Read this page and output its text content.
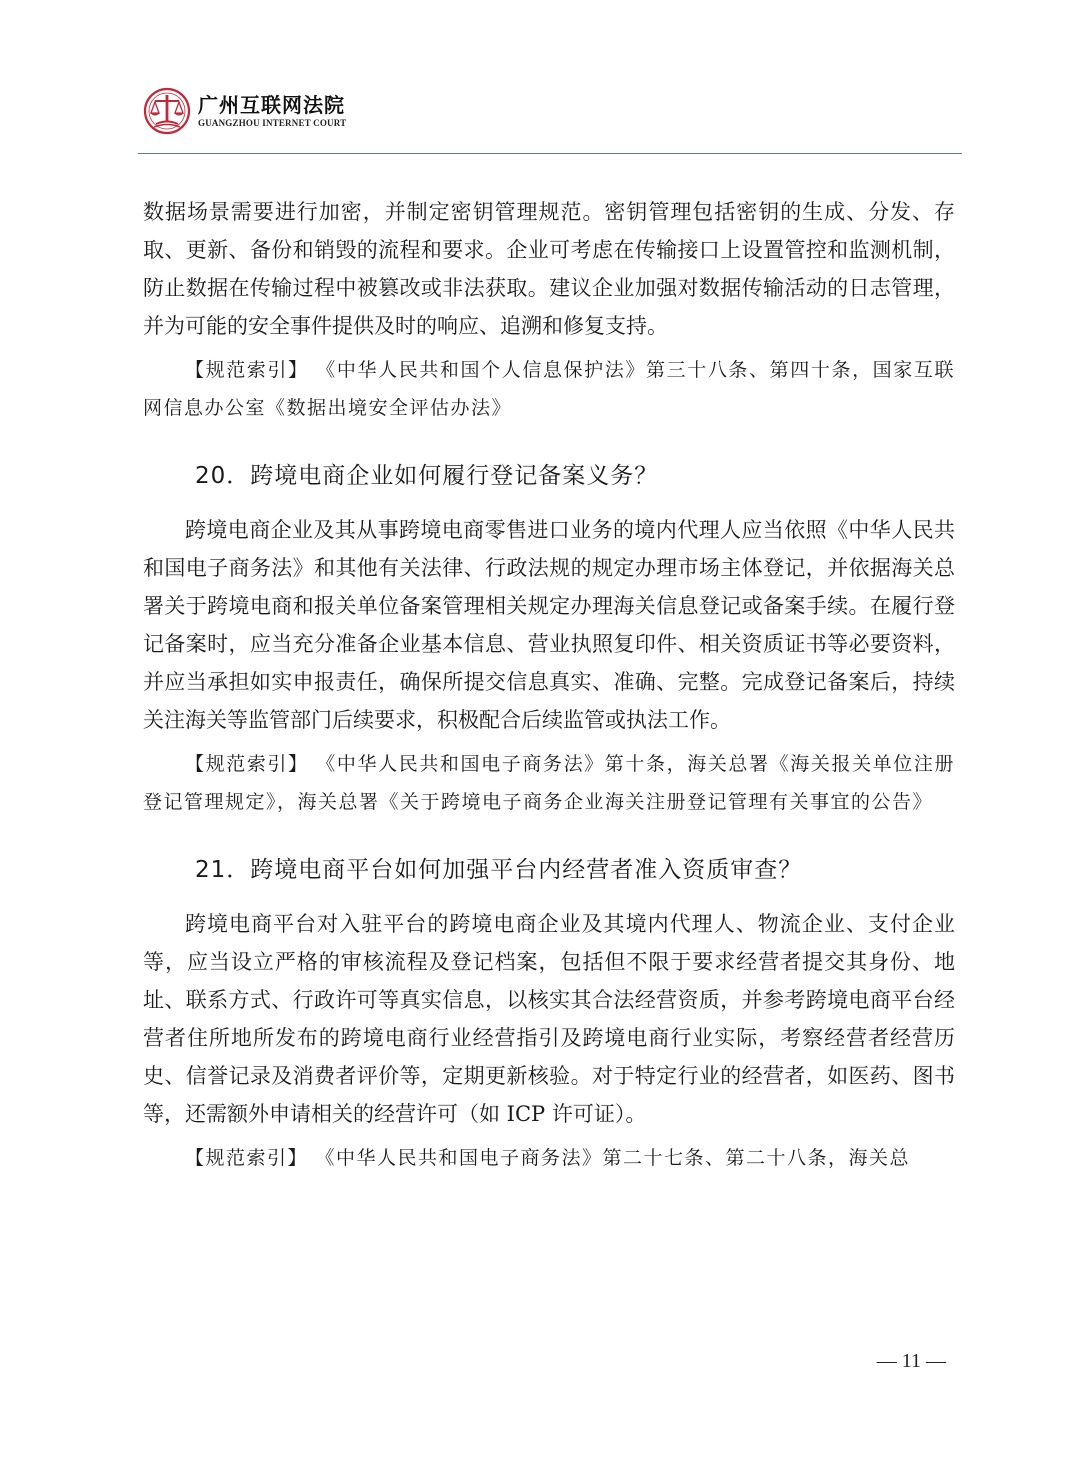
广州互联网法院
GUANGZHOU INTERNET COURT

数据场景需要进行加密，并制定密钥管理规范。密钥管理包括密钥的生成、分发、存取、更新、备份和销毁的流程和要求。企业可考虑在传输接口上设置管控和监测机制，防止数据在传输过程中被篡改或非法获取。建议企业加强对数据传输活动的日志管理，并为可能的安全事件提供及时的响应、追溯和修复支持。

【规范索引】 《中华人民共和国个人信息保护法》第三十八条、第四十条，国家互联网信息办公室《数据出境安全评估办法》

20．跨境电商企业如何履行登记备案义务？

跨境电商企业及其从事跨境电商零售进口业务的境内代理人应当依照《中华人民共和国电子商务法》和其他有关法律、行政法规的规定办理市场主体登记，并依据海关总署关于跨境电商和报关单位备案管理相关规定办理海关信息登记或备案手续。在履行登记备案时，应当充分准备企业基本信息、营业执照复印件、相关资质证书等必要资料，并应当承担如实申报责任，确保所提交信息真实、准确、完整。完成登记备案后，持续关注海关等监管部门后续要求，积极配合后续监管或执法工作。

【规范索引】 《中华人民共和国电子商务法》第十条，海关总署《海关报关单位注册登记管理规定》，海关总署《关于跨境电子商务企业海关注册登记管理有关事宜的公告》

21．跨境电商平台如何加强平台内经营者准入资质审查？

跨境电商平台对入驻平台的跨境电商企业及其境内代理人、物流企业、支付企业等，应当设立严格的审核流程及登记档案，包括但不限于要求经营者提交其身份、地址、联系方式、行政许可等真实信息，以核实其合法经营资质，并参考跨境电商平台经营者住所地所发布的跨境电商行业经营指引及跨境电商行业实际，考察经营者经营历史、信誉记录及消费者评价等，定期更新核验。对于特定行业的经营者，如医药、图书等，还需额外申请相关的经营许可（如 ICP 许可证）。

【规范索引】 《中华人民共和国电子商务法》第二十七条、第二十八条，海关总

— 11 —
